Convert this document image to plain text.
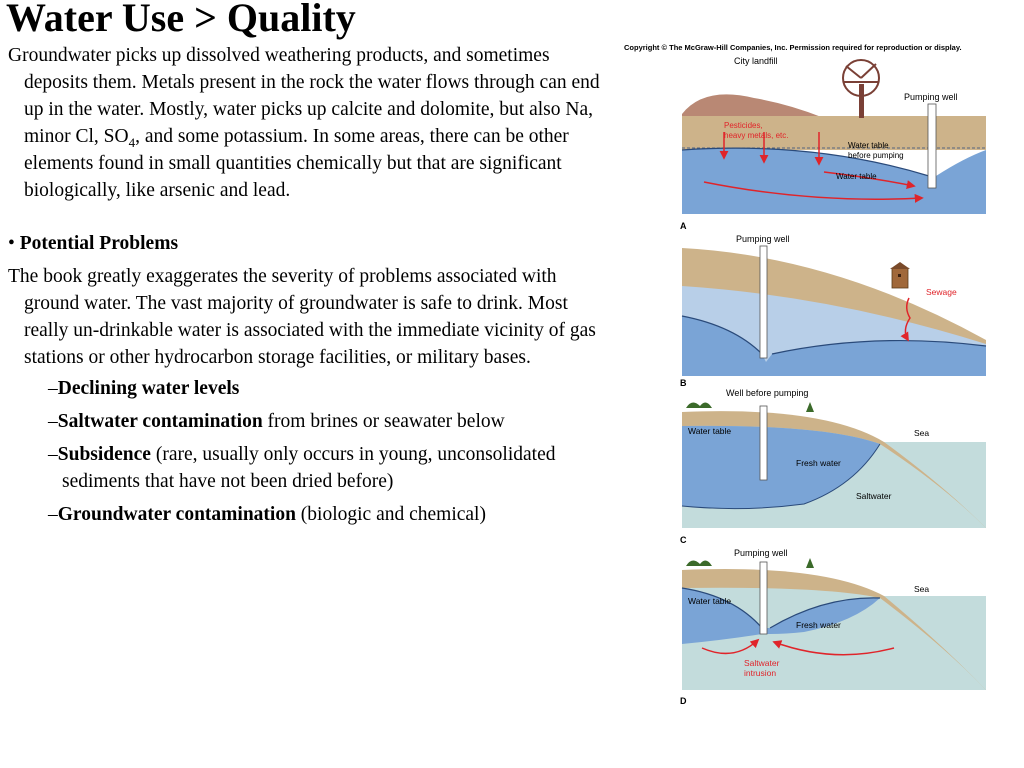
Water Use > Quality

Groundwater picks up dissolved weathering products, and sometimes deposits them. Metals present in the rock the water flows through can end up in the water. Mostly, water picks up calcite and dolomite, but also Na, minor Cl, $SO_4$, and some potassium. In some areas, there can be other elements found in small quantities chemically but that are significant biologically, like arsenic and lead.

• Potential Problems

The book greatly exaggerates the severity of problems associated with ground water. The vast majority of groundwater is safe to drink. Most really un-drinkable water is associated with the immediate vicinity of gas stations or other hydrocarbon storage facilities, or military bases.

–Declining water levels
–Saltwater contamination from brines or seawater below
–Subsidence (rare, usually only occurs in young, unconsolidated sediments that have not been dried before)
–Groundwater contamination (biologic and chemical)
Copyright © The McGraw-Hill Companies, Inc. Permission required for reproduction or display.
City landfill
Pumping well
Pesticides,
heavy metals, etc.
Water table
before pumping
Water table
A
Pumping well
Sewage
B
Well before pumping
Water table	Sea
Fresh water
Saltwater
C
Pumping well
Water table
Sea
Fresh water
Saltwater
intrusion
D
